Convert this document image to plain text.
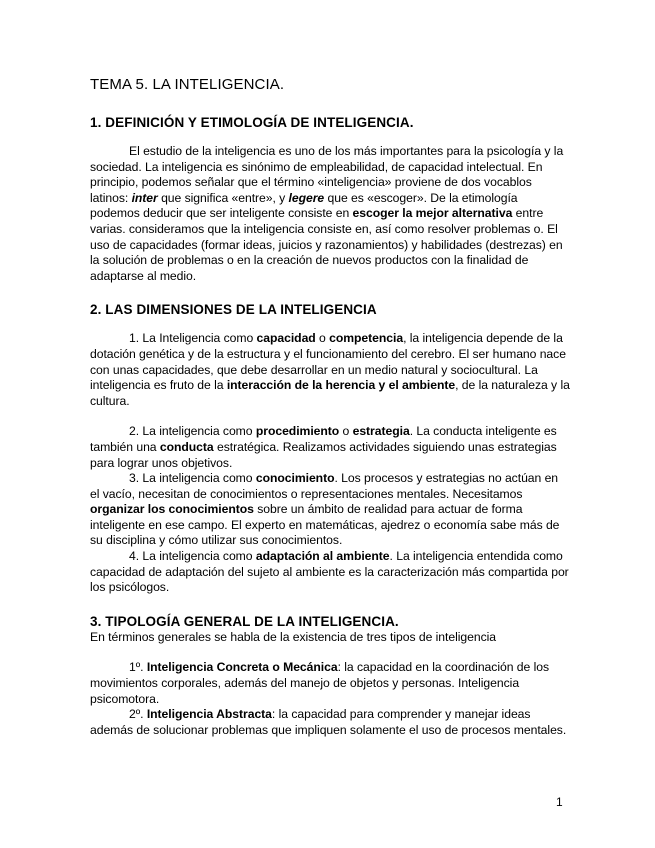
TEMA 5. LA INTELIGENCIA.
1. DEFINICIÓN Y ETIMOLOGÍA DE INTELIGENCIA.

El estudio de la inteligencia es uno de los más importantes para la psicología y la sociedad. La inteligencia es sinónimo de empleabilidad, de capacidad intelectual. En principio, podemos señalar que el término «inteligencia» proviene de dos vocablos latinos: inter que significa «entre», y legere que es «escoger». De la etimología podemos deducir que ser inteligente consiste en escoger la mejor alternativa entre varias. consideramos que la inteligencia consiste en, así como resolver problemas o. El uso de capacidades (formar ideas, juicios y razonamientos) y habilidades (destrezas) en la solución de problemas o en la creación de nuevos productos con la finalidad de adaptarse al medio.

2. LAS DIMENSIONES DE LA INTELIGENCIA

1. La Inteligencia como capacidad o competencia, la inteligencia depende de la dotación genética y de la estructura y el funcionamiento del cerebro. El ser humano nace con unas capacidades, que debe desarrollar en un medio natural y sociocultural. La inteligencia es fruto de la interacción de la herencia y el ambiente, de la naturaleza y la cultura.

2. La inteligencia como procedimiento o estrategia. La conducta inteligente es también una conducta estratégica. Realizamos actividades siguiendo unas estrategias para lograr unos objetivos.

3. La inteligencia como conocimiento. Los procesos y estrategias no actúan en el vacío, necesitan de conocimientos o representaciones mentales. Necesitamos organizar los conocimientos sobre un ámbito de realidad para actuar de forma inteligente en ese campo. El experto en matemáticas, ajedrez o economía sabe más de su disciplina y cómo utilizar sus conocimientos.

4. La inteligencia como adaptación al ambiente. La inteligencia entendida como capacidad de adaptación del sujeto al ambiente es la caracterización más compartida por los psicólogos.

3. TIPOLOGÍA GENERAL DE LA INTELIGENCIA.

En términos generales se habla de la existencia de tres tipos de inteligencia

1º. Inteligencia Concreta o Mecánica: la capacidad en la coordinación de los movimientos corporales, además del manejo de objetos y personas. Inteligencia psicomotora.

2º. Inteligencia Abstracta: la capacidad para comprender y manejar ideas además de solucionar problemas que impliquen solamente el uso de procesos mentales.

1
